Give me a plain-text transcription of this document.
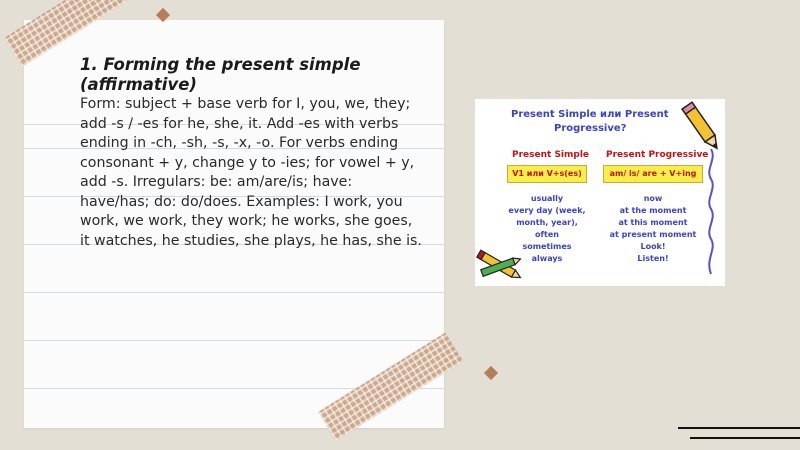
1. Forming the present simple (affirmative)

Form: subject + base verb for I, you, we, they; add -s / -es for he, she, it. Add -es with verbs ending in -ch, -sh, -s, -x, -o. For verbs ending consonant + y, change y to -ies; for vowel + y, add -s. Irregulars: be: am/are/is; have: have/has; do: do/does. Examples: I work, you work, we work, they work; he works, she goes, it watches, he studies, she plays, he has, she is.

Present Simple или Present
Progressive?
Present Simple Present Progressive
V1 или V+s(es)	am/ is/ are + V+ing
usually
every day (week,
month, year),
often
sometimes
always
now
at the moment
at this moment
at present moment
Look!
Listen!
